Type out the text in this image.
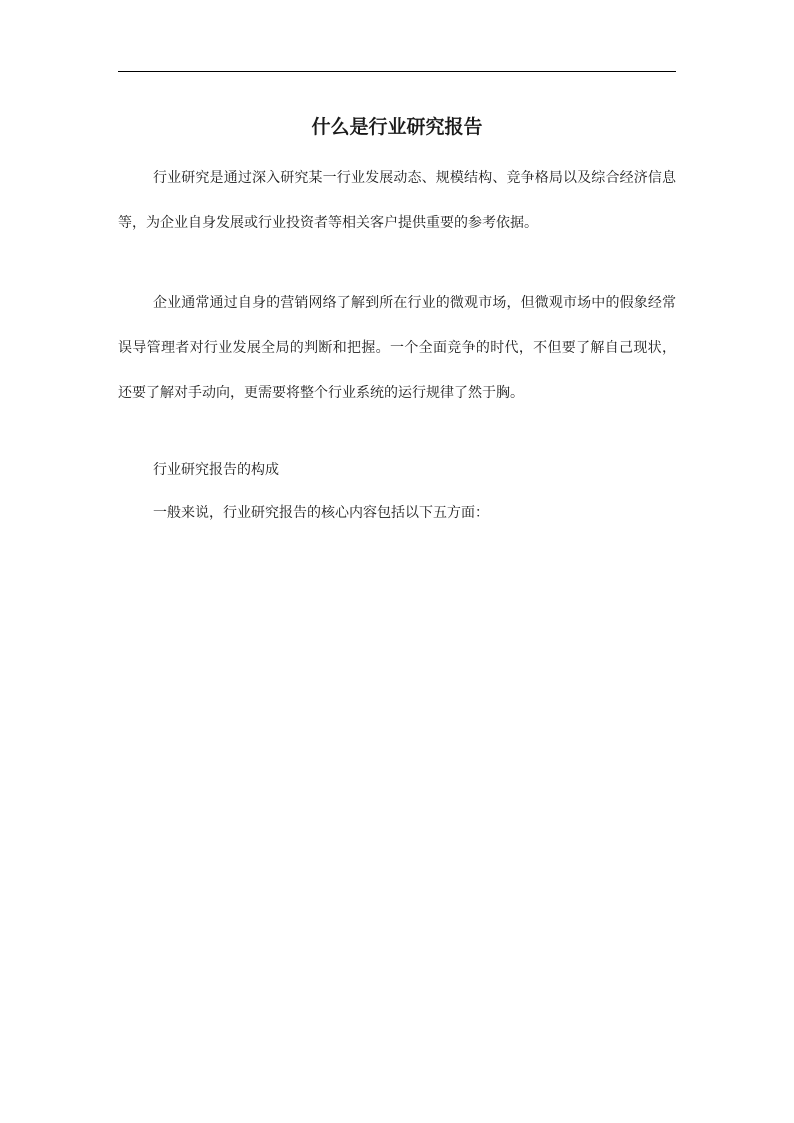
什么是行业研究报告

行业研究是通过深入研究某一行业发展动态、规模结构、竞争格局以及综合经济信息等，为企业自身发展或行业投资者等相关客户提供重要的参考依据。

企业通常通过自身的营销网络了解到所在行业的微观市场，但微观市场中的假象经常误导管理者对行业发展全局的判断和把握。一个全面竞争的时代，不但要了解自己现状，还要了解对手动向，更需要将整个行业系统的运行规律了然于胸。

行业研究报告的构成

一般来说，行业研究报告的核心内容包括以下五方面：
